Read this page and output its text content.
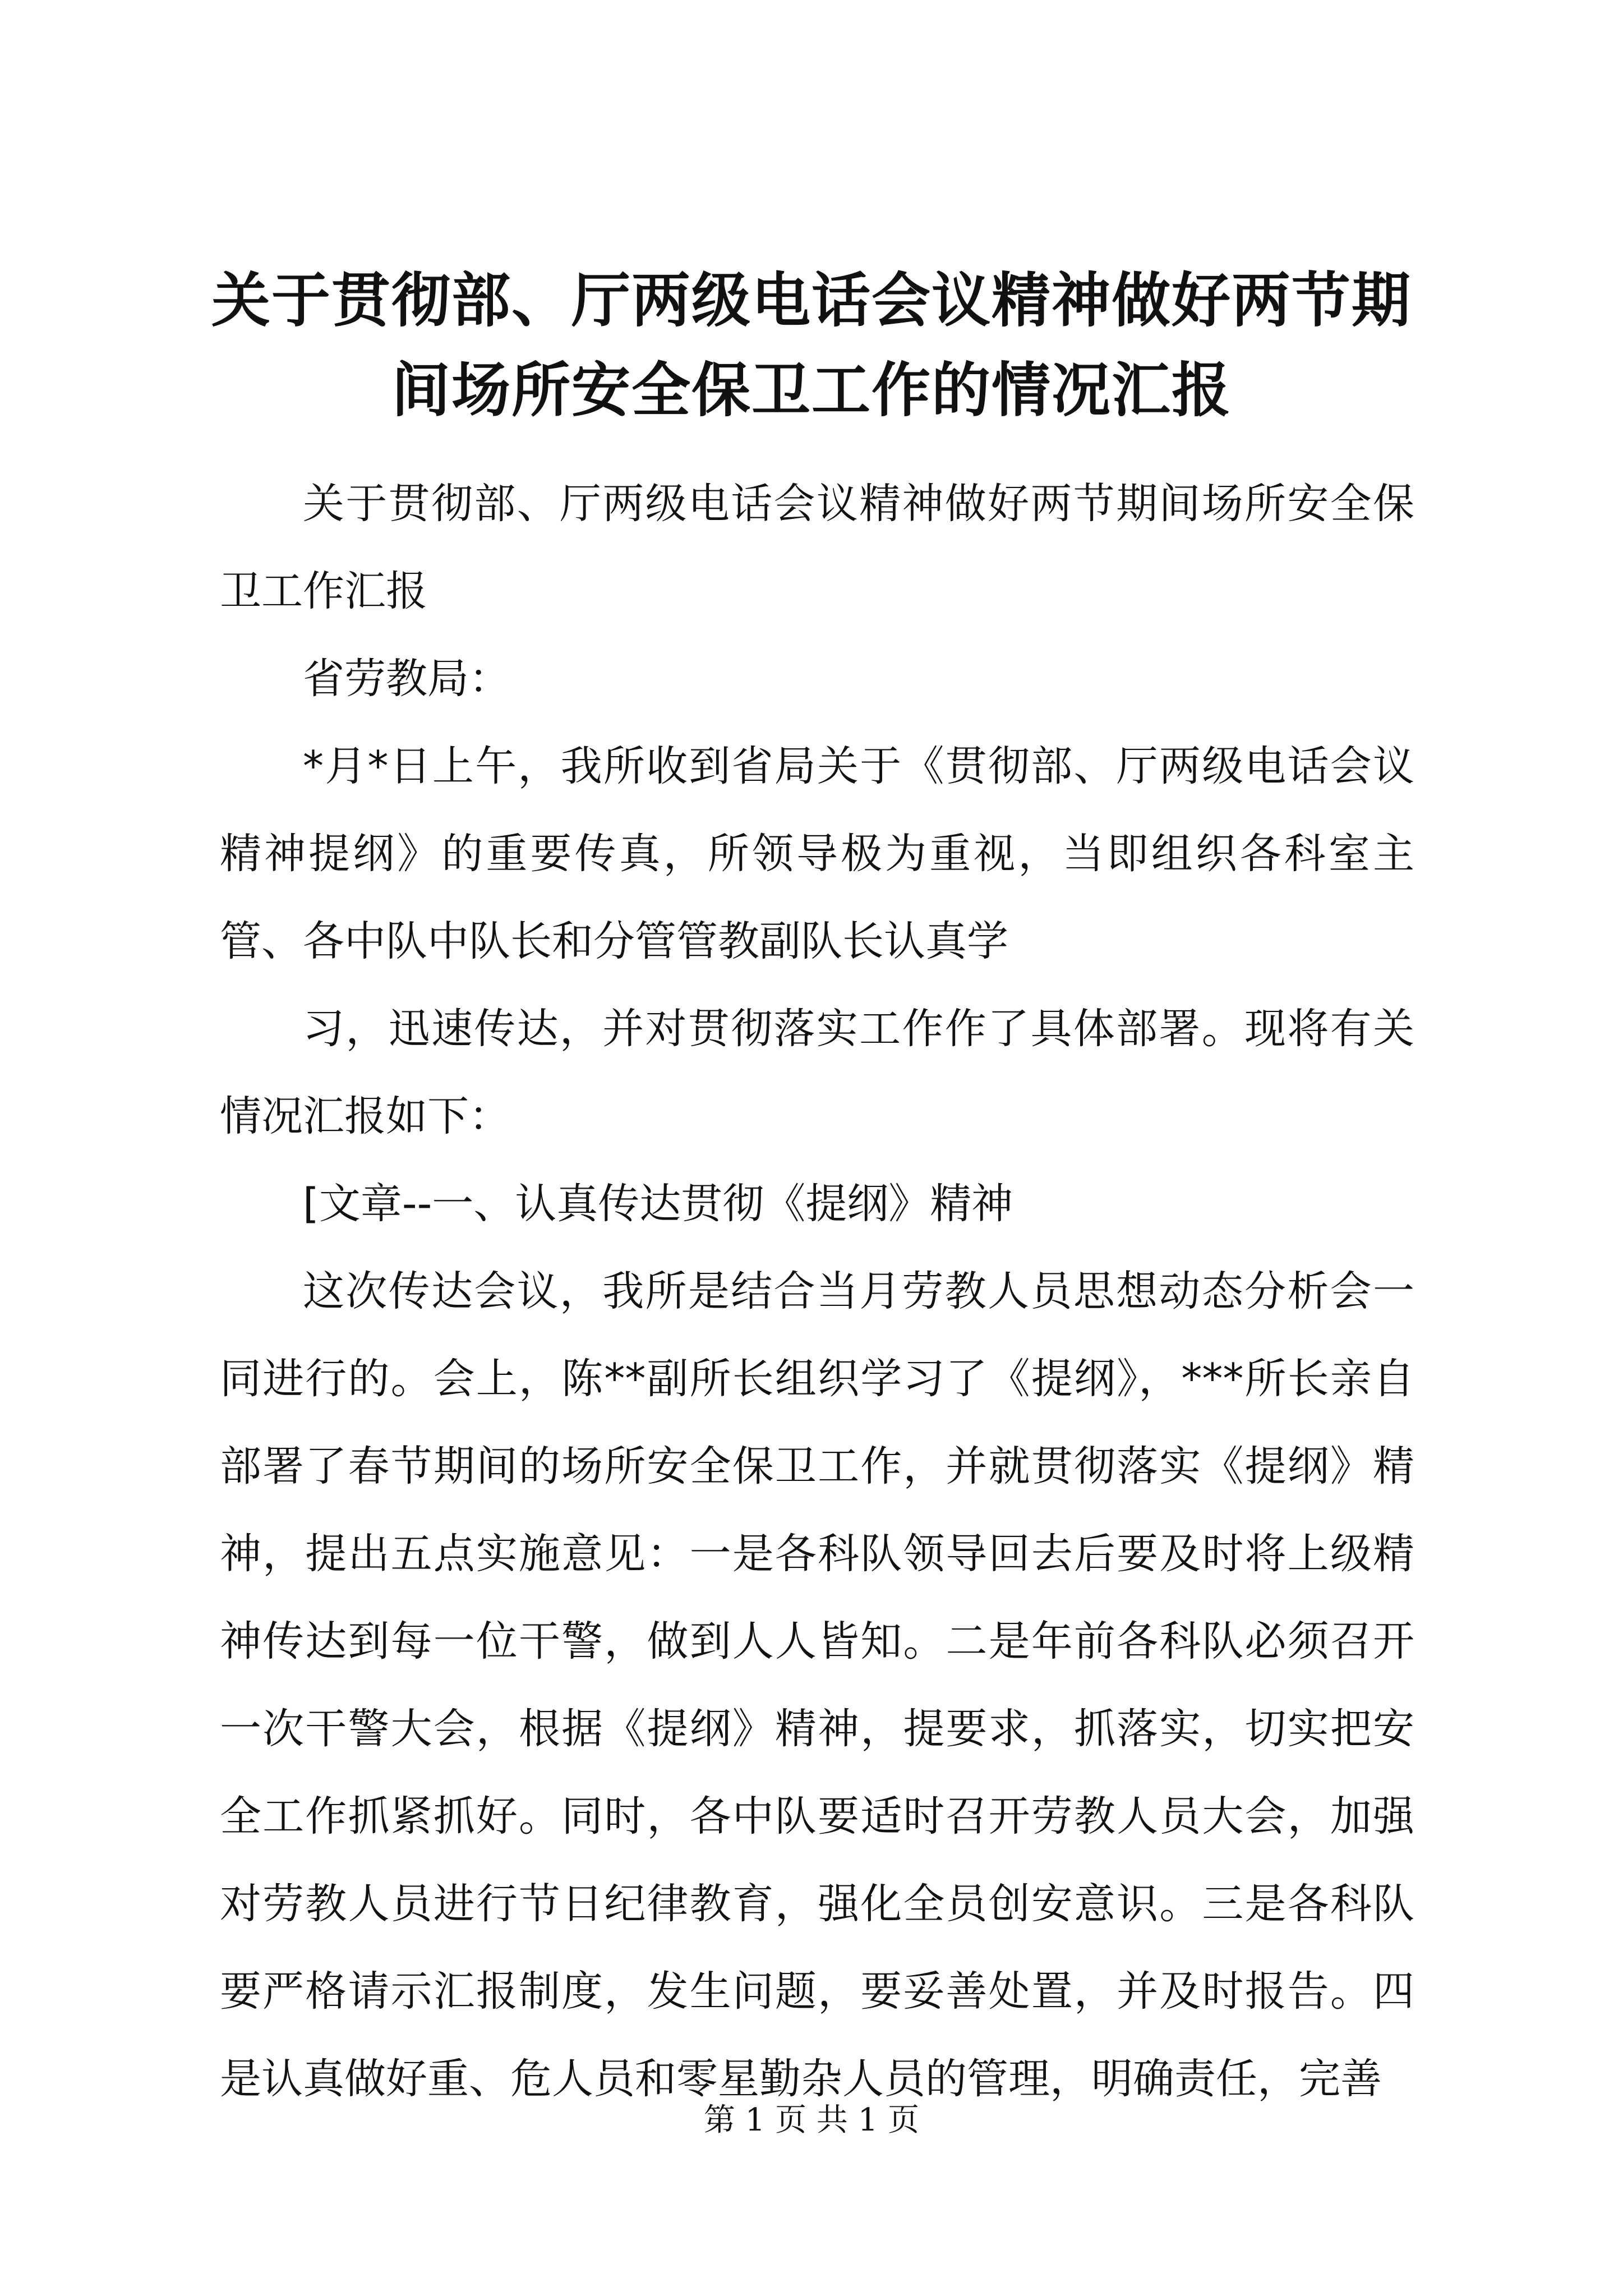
关于贯彻部、厅两级电话会议精神做好两节期
间场所安全保卫工作的情况汇报

关于贯彻部、厅两级电话会议精神做好两节期间场所安全保卫工作汇报

省劳教局：

*月*日上午，我所收到省局关于《贯彻部、厅两级电话会议精神提纲》的重要传真，所领导极为重视，当即组织各科室主管、各中队中队长和分管管教副队长认真学

习，迅速传达，并对贯彻落实工作作了具体部署。现将有关情况汇报如下：

[文章--一、认真传达贯彻《提纲》精神

这次传达会议，我所是结合当月劳教人员思想动态分析会一同进行的。会上，陈**副所长组织学习了《提纲》，***所长亲自部署了春节期间的场所安全保卫工作，并就贯彻落实《提纲》精神，提出五点实施意见：一是各科队领导回去后要及时将上级精神传达到每一位干警，做到人人皆知。二是年前各科队必须召开一次干警大会，根据《提纲》精神，提要求，抓落实，切实把安全工作抓紧抓好。同时，各中队要适时召开劳教人员大会，加强对劳教人员进行节日纪律教育，强化全员创安意识。三是各科队要严格请示汇报制度，发生问题，要妥善处置，并及时报告。四是认真做好重、危人员和零星勤杂人员的管理，明确责任，完善

第 1 页 共 1 页
